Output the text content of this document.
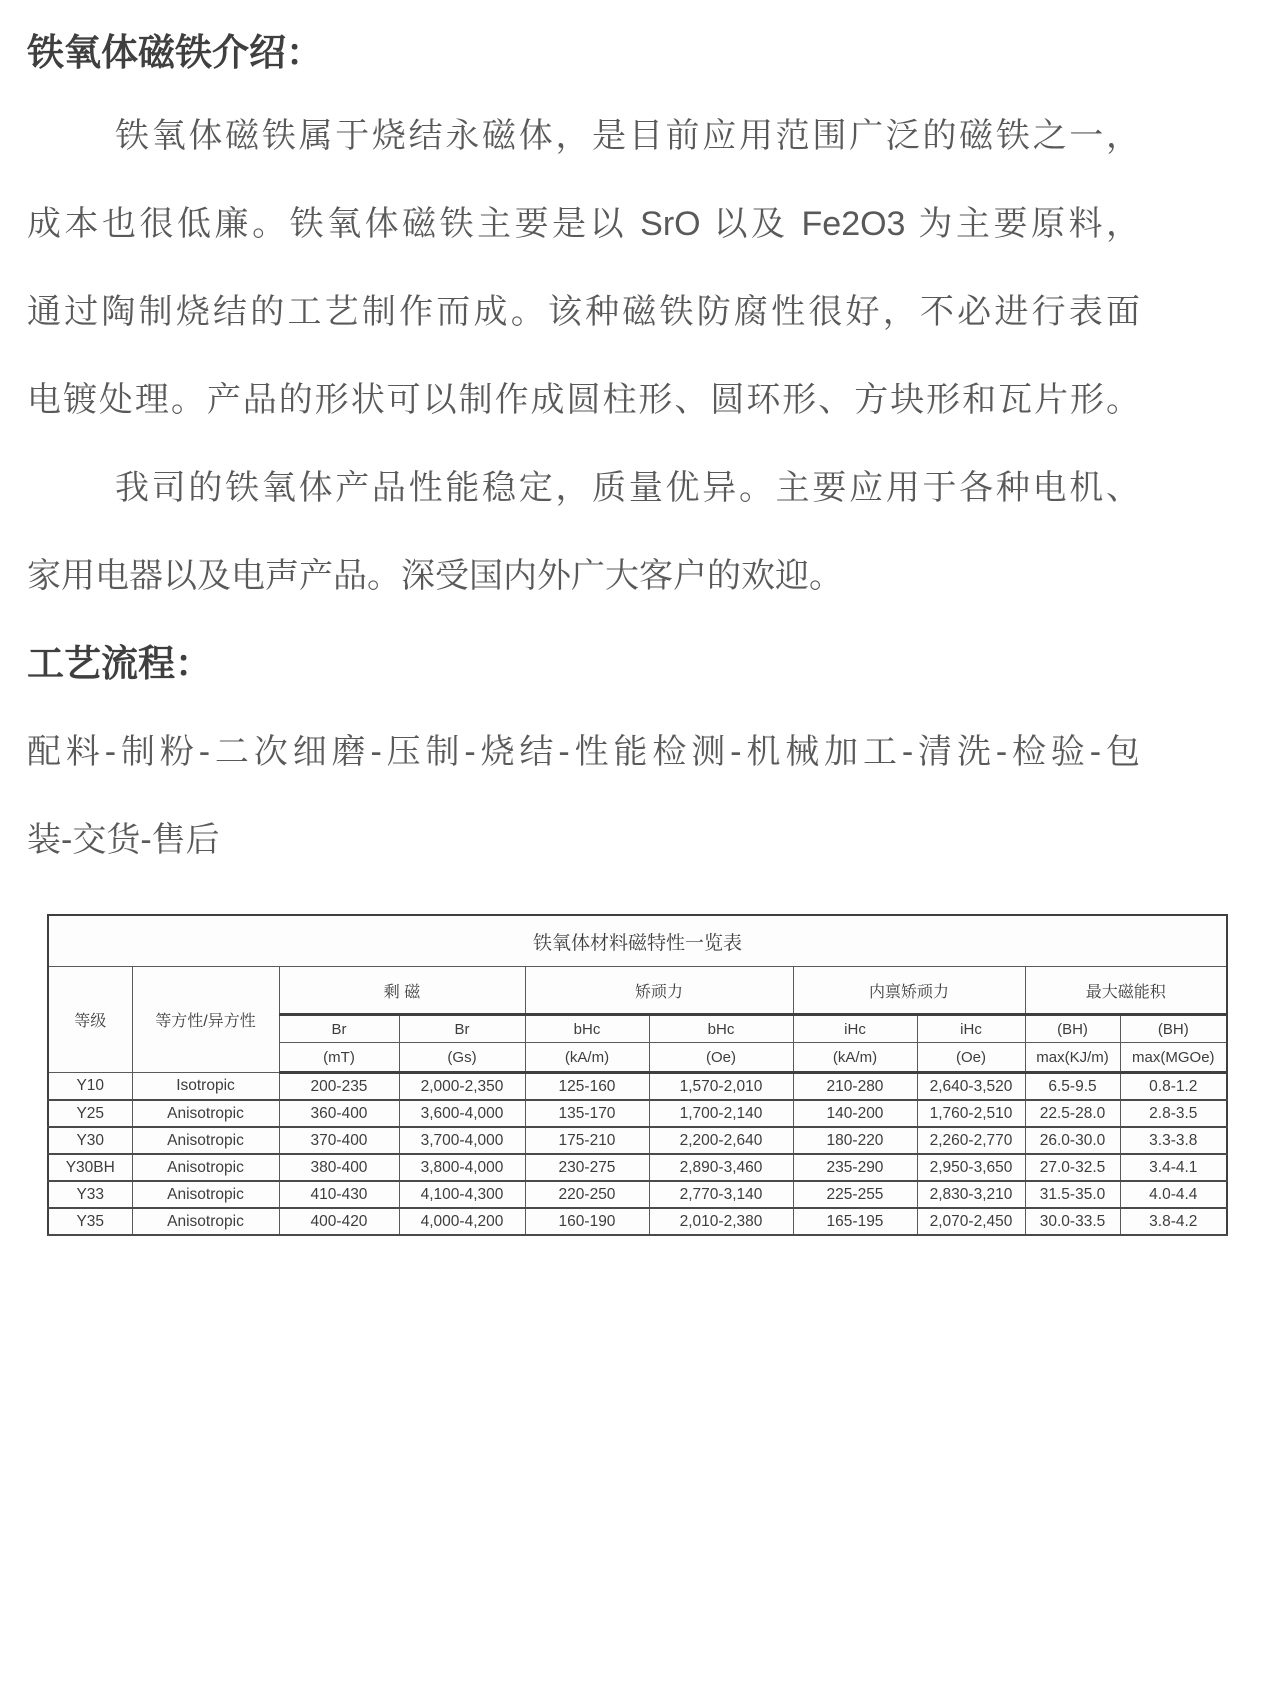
铁氧体磁铁介绍：
铁氧体磁铁属于烧结永磁体，是目前应用范围广泛的磁铁之一，
成本也很低廉。铁氧体磁铁主要是以 SrO 以及 Fe2O3 为主要原料，
通过陶制烧结的工艺制作而成。该种磁铁防腐性很好，不必进行表面
电镀处理。产品的形状可以制作成圆柱形、圆环形、方块形和瓦片形。
我司的铁氧体产品性能稳定，质量优异。主要应用于各种电机、
家用电器以及电声产品。深受国内外广大客户的欢迎。
工艺流程：
配料-制粉-二次细磨-压制-烧结-性能检测-机械加工-清洗-检验-包
装-交货-售后
铁氧体材料磁特性一览表									
等级	等方性/异方性	剩 磁		矫顽力		内禀矫顽力		最大磁能积	
		Br	Br	bHc	bHc	iHc	iHc	(BH)	(BH)
		(mT)	(Gs)	(kA/m)	(Oe)	(kA/m)	(Oe)	max(KJ/m)	max(MGOe)
Y10	Isotropic	200-235	2,000-2,350	125-160	1,570-2,010	210-280	2,640-3,520	6.5-9.5	0.8-1.2
Y25	Anisotropic	360-400	3,600-4,000	135-170	1,700-2,140	140-200	1,760-2,510	22.5-28.0	2.8-3.5
Y30	Anisotropic	370-400	3,700-4,000	175-210	2,200-2,640	180-220	2,260-2,770	26.0-30.0	3.3-3.8
Y30BH	Anisotropic	380-400	3,800-4,000	230-275	2,890-3,460	235-290	2,950-3,650	27.0-32.5	3.4-4.1
Y33	Anisotropic	410-430	4,100-4,300	220-250	2,770-3,140	225-255	2,830-3,210	31.5-35.0	4.0-4.4
Y35	Anisotropic	400-420	4,000-4,200	160-190	2,010-2,380	165-195	2,070-2,450	30.0-33.5	3.8-4.2
